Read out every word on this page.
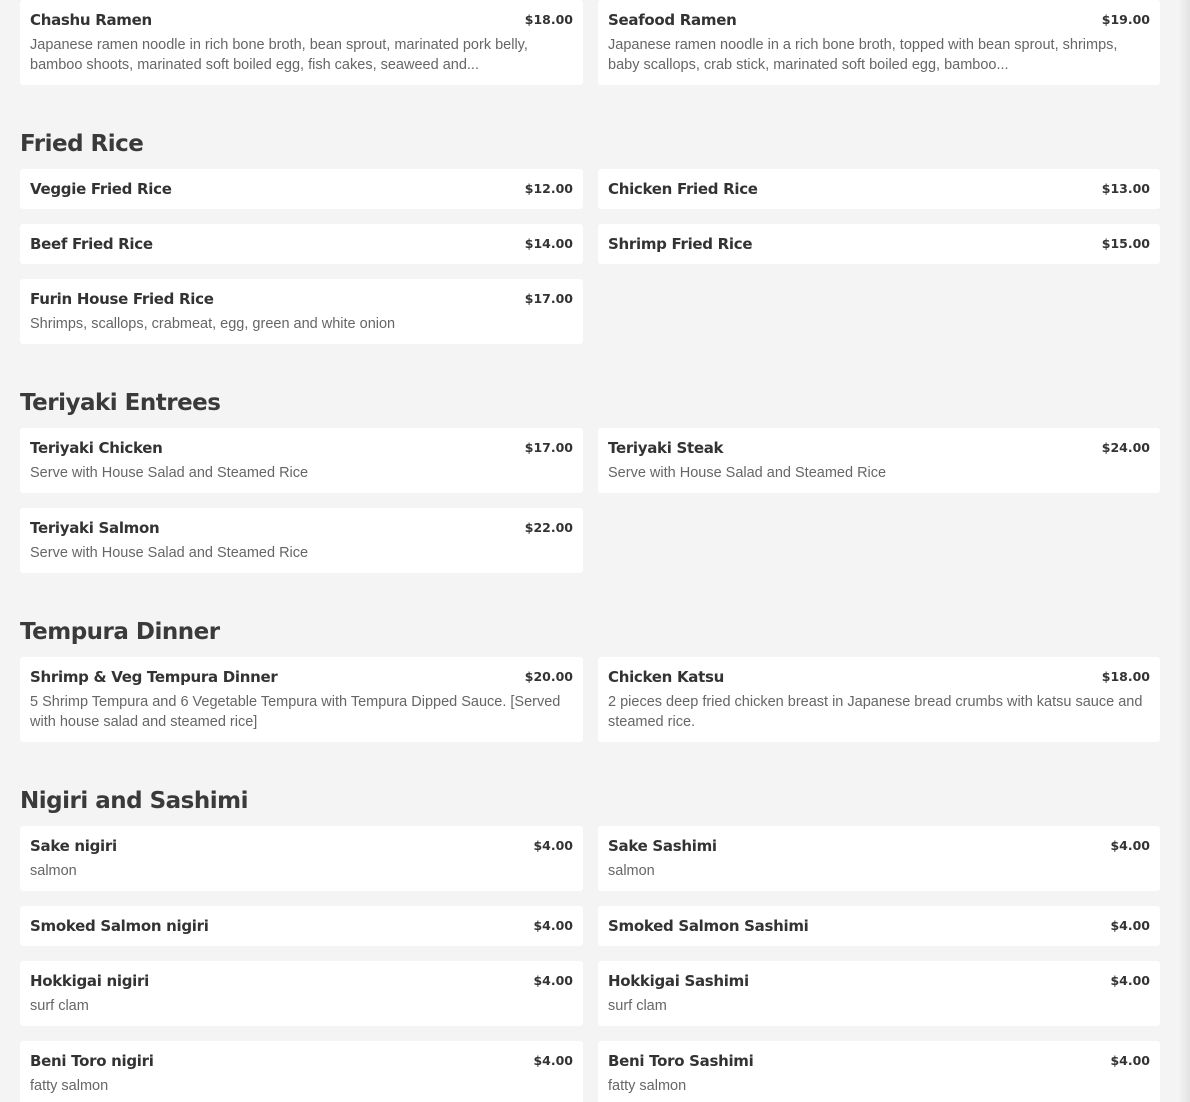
Chashu Ramen	$18.00
Japanese ramen noodle in rich bone broth, bean sprout, marinated pork belly, bamboo shoots, marinated soft boiled egg, fish cakes, seaweed and...
Seafood Ramen	$19.00
Japanese ramen noodle in a rich bone broth, topped with bean sprout, shrimps, baby scallops, crab stick, marinated soft boiled egg, bamboo...
Fried Rice
Veggie Fried Rice	$12.00 Chicken Fried Rice	$13.00
Beef Fried Rice	$14.00 Shrimp Fried Rice	$15.00
Furin House Fried Rice	$17.00
Shrimps, scallops, crabmeat, egg, green and white onion
Teriyaki Entrees
Teriyaki Chicken	$17.00
Serve with House Salad and Steamed Rice
Teriyaki Steak	$24.00
Serve with House Salad and Steamed Rice
Teriyaki Salmon	$22.00
Serve with House Salad and Steamed Rice
Tempura Dinner
Shrimp & Veg Tempura Dinner	$20.00
5 Shrimp Tempura and 6 Vegetable Tempura with Tempura Dipped Sauce. [Served with house salad and steamed rice]
Chicken Katsu	$18.00
2 pieces deep fried chicken breast in Japanese bread crumbs with katsu sauce and steamed rice.
Nigiri and Sashimi
Sake nigiri	$4.00
salmon
Sake Sashimi	$4.00
salmon
Smoked Salmon nigiri	$4.00 Smoked Salmon Sashimi	$4.00
Hokkigai nigiri	$4.00
surf clam
Hokkigai Sashimi	$4.00
surf clam
Beni Toro nigiri	$4.00
fatty salmon
Beni Toro Sashimi	$4.00
fatty salmon
